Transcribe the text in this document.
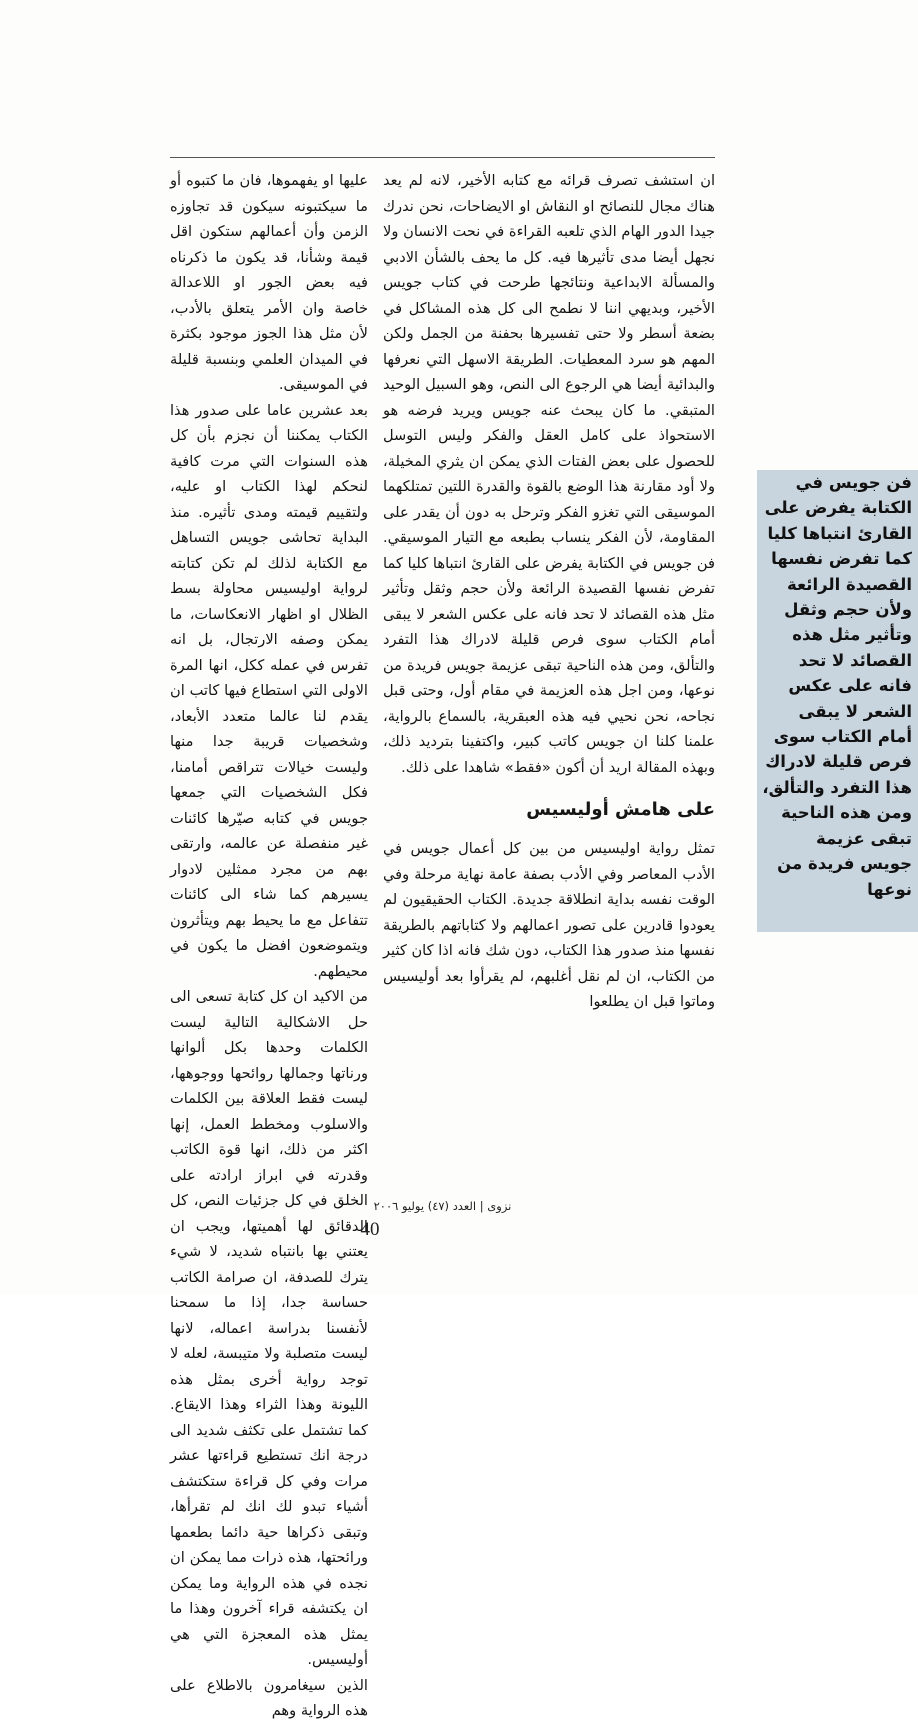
ان استشف تصرف قرائه مع كتابه الأخير، لانه لم يعد هناك مجال للنصائح او النقاش او الايضاحات، نحن ندرك جيدا الدور الهام الذي تلعبه القراءة في نحت الانسان ولا نجهل أيضا مدى تأثيرها فيه. كل ما يحف بالشأن الادبي والمسألة الابداعية ونتائجها طرحت في كتاب جويس الأخير، وبديهي اننا لا نطمح الى كل هذه المشاكل في بضعة أسطر ولا حتى تفسيرها بحفنة من الجمل ولكن المهم هو سرد المعطيات. الطريقة الاسهل التي نعرفها والبدائية أيضا هي الرجوع الى النص، وهو السبيل الوحيد المتبقي. ما كان يبحث عنه جويس ويريد فرضه هو الاستحواذ على كامل العقل والفكر وليس التوسل للحصول على بعض الفتات الذي يمكن ان يثري المخيلة، ولا أود مقارنة هذا الوضع بالقوة والقدرة اللتين تمتلكهما الموسيقى التي تغزو الفكر وترحل به دون أن يقدر على المقاومة، لأن الفكر ينساب بطبعه مع التيار الموسيقي. فن جويس في الكتابة يفرض على القارئ انتباها كليا كما تفرض نفسها القصيدة الرائعة ولأن حجم وثقل وتأثير مثل هذه القصائد لا تحد فانه على عكس الشعر لا يبقى أمام الكتاب سوى فرص قليلة لادراك هذا التفرد والتألق، ومن هذه الناحية تبقى عزيمة جويس فريدة من نوعها، ومن اجل هذه العزيمة في مقام أول، وحتى قبل نجاحه، نحن نحيي فيه هذه العبقرية، بالسماع بالرواية، علمنا كلنا ان جويس كاتب كبير، واكتفينا بترديد ذلك، وبهذه المقالة اريد أن أكون «فقط» شاهدا على ذلك.

على هامش أوليسيس

تمثل رواية اوليسيس من بين كل أعمال جويس في الأدب المعاصر وفي الأدب بصفة عامة نهاية مرحلة وفي الوقت نفسه بداية انطلاقة جديدة. الكتاب الحقيقيون لم يعودوا قادرين على تصور اعمالهم ولا كتاباتهم بالطريقة نفسها منذ صدور هذا الكتاب، دون شك فانه اذا كان كثير من الكتاب، ان لم نقل أغلبهم، لم يقرأوا بعد أوليسيس وماتوا قبل ان يطلعوا

عليها او يفهموها، فان ما كتبوه أو ما سيكتبونه سيكون قد تجاوزه الزمن وأن أعمالهم ستكون اقل قيمة وشأنا، قد يكون ما ذكرناه فيه بعض الجور او اللاعدالة خاصة وان الأمر يتعلق بالأدب، لأن مثل هذا الجوز موجود بكثرة في الميدان العلمي وبنسبة قليلة في الموسيقى.

بعد عشرين عاما على صدور هذا الكتاب يمكننا أن نجزم بأن كل هذه السنوات التي مرت كافية لنحكم لهذا الكتاب او عليه، ولتقييم قيمته ومدى تأثيره. منذ البداية تحاشى جويس التساهل مع الكتابة لذلك لم تكن كتابته لرواية اوليسيس محاولة بسط الظلال او اظهار الانعكاسات، ما يمكن وصفه الارتجال، بل انه تفرس في عمله ككل، انها المرة الاولى التي استطاع فيها كاتب ان يقدم لنا عالما متعدد الأبعاد، وشخصيات قريبة جدا منها وليست خيالات تتراقص أمامنا، فكل الشخصيات التي جمعها جويس في كتابه صيّرها كائنات غير منفصلة عن عالمه، وارتقى بهم من مجرد ممثلين لادوار يسيرهم كما شاء الى كائنات تتفاعل مع ما يحيط بهم ويتأثرون ويتموضعون افضل ما يكون في محيطهم.

من الاكيد ان كل كتابة تسعى الى حل الاشكالية التالية ليست الكلمات وحدها بكل ألوانها ورناتها وجمالها روائحها ووجوهها، ليست فقط العلاقة بين الكلمات والاسلوب ومخطط العمل، إنها اكثر من ذلك، انها قوة الكاتب وقدرته في ابراز ارادته على الخلق في كل جزئيات النص، كل الدقائق لها أهميتها، ويجب ان يعتني بها بانتباه شديد، لا شيء يترك للصدفة، ان صرامة الكاتب حساسة جدا، إذا ما سمحنا لأنفسنا بدراسة اعماله، لانها ليست متصلبة ولا متيبسة، لعله لا توجد رواية أخرى بمثل هذه الليونة وهذا الثراء وهذا الايقاع. كما تشتمل على تكثف شديد الى درجة انك تستطيع قراءتها عشر مرات وفي كل قراءة ستكتشف أشياء تبدو لك انك لم تقرأها، وتبقى ذكراها حية دائما بطعمها ورائحتها، هذه ذرات مما يمكن ان نجده في هذه الرواية وما يمكن ان يكتشفه قراء آخرون وهذا ما يمثل هذه المعجزة التي هي أوليسيس.

الذين سيغامرون بالاطلاع على هذه الرواية وهم

فن جويس في الكتابة يفرض على القارئ انتباها كليا كما تفرض نفسها القصيدة الرائعة ولأن حجم وثقل وتأثير مثل هذه القصائد لا تحد فانه على عكس الشعر لا يبقى أمام الكتاب سوى فرص قليلة لادراك هذا التفرد والتألق، ومن هذه الناحية تبقى عزيمة جويس فريدة من نوعها

نزوى | العدد (٤٧) يوليو ٢٠٠٦
40
